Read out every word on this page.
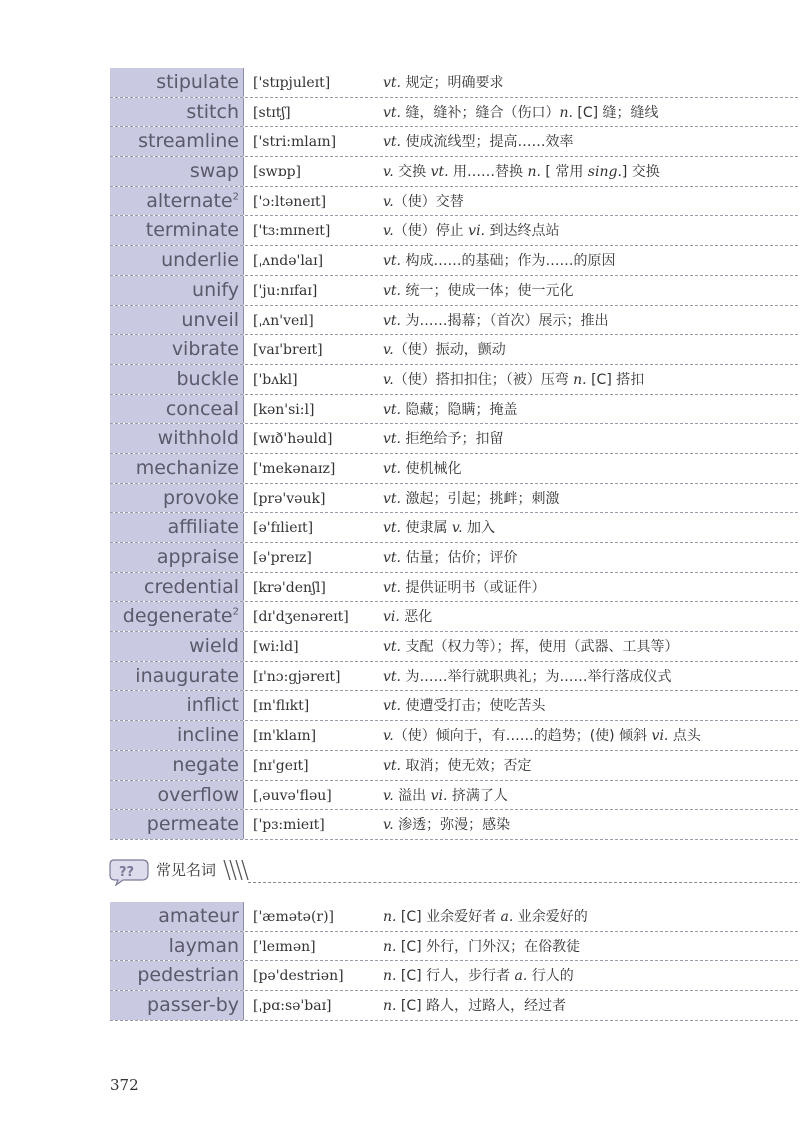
stipulate	['stɪpjuleɪt]	vt. 规定；明确要求
stitch	[stɪtʃ]	vt. 缝，缝补；缝合（伤口）n. [C] 缝；缝线
streamline	['stri:mlaɪn]	vt. 使成流线型；提高……效率
swap	[swɒp]	v. 交换 vt. 用……替换 n. [ 常用 sing.] 交换
alternate$^2$	['ɔ:ltəneɪt]	v.（使）交替
terminate	['tɜ:mɪneɪt]	v.（使）停止 vi. 到达终点站
underlie	[ˌʌndə'laɪ]	vt. 构成……的基础；作为……的原因
unify	['ju:nɪfaɪ]	vt. 统一；使成一体；使一元化
unveil	[ˌʌn'veɪl]	vt. 为……揭幕；（首次）展示；推出
vibrate	[vaɪ'breɪt]	v.（使）振动，颤动
buckle	['bʌkl]	v.（使）搭扣扣住；（被）压弯 n. [C] 搭扣
conceal	[kən'si:l]	vt. 隐藏；隐瞒；掩盖
withhold	[wɪð'həuld]	vt. 拒绝给予；扣留
mechanize	['mekənaɪz]	vt. 使机械化
provoke	[prə'vəuk]	vt. 激起；引起；挑衅；刺激
affiliate	[ə'fɪlieɪt]	vt. 使隶属 v. 加入
appraise	[ə'preɪz]	vt. 估量；估价；评价
credential	[krə'denʃl]	vt. 提供证明书（或证件）
degenerate$^2$	[dɪ'dʒenəreɪt] vi. 恶化
wield	[wi:ld]	vt. 支配（权力等）；挥，使用（武器、工具等）
inaugurate	[ɪ'nɔ:gjəreɪt]	vt. 为……举行就职典礼；为……举行落成仪式
inflict	[ɪn'flɪkt]	vt. 使遭受打击；使吃苦头
incline	[ɪn'klaɪn]	v.（使）倾向于，有……的趋势；(使) 倾斜 vi. 点头
negate	[nɪ'geɪt]	vt. 取消；使无效；否定
overflow	[ˌəuvə'fləu]	v. 溢出 vi. 挤满了人
permeate	['pɜ:mieɪt]	v. 渗透；弥漫；感染
?? 常见名词
amateur	['æmətə(r)]	n. [C] 业余爱好者 a. 业余爱好的
layman	['leɪmən]	n. [C] 外行，门外汉；在俗教徒
pedestrian	[pə'destriən]	n. [C] 行人，步行者 a. 行人的
passer-by	[ˌpɑ:sə'baɪ]	n. [C] 路人，过路人，经过者
372
